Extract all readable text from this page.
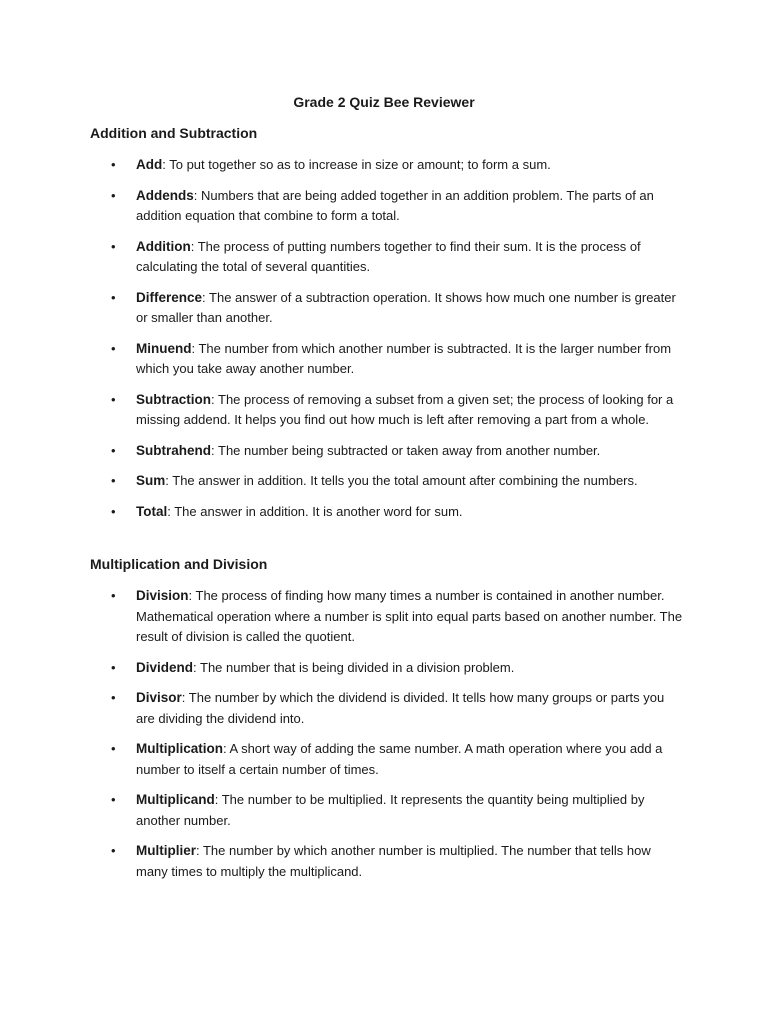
Grade 2 Quiz Bee Reviewer
Addition and Subtraction
• Add: To put together so as to increase in size or amount; to form a sum.
• Addends: Numbers that are being added together in an addition problem. The parts of an addition equation that combine to form a total.
• Addition: The process of putting numbers together to find their sum. It is the process of calculating the total of several quantities.
• Difference: The answer of a subtraction operation. It shows how much one number is greater or smaller than another.
• Minuend: The number from which another number is subtracted. It is the larger number from which you take away another number.
• Subtraction: The process of removing a subset from a given set; the process of looking for a missing addend. It helps you find out how much is left after removing a part from a whole.
• Subtrahend: The number being subtracted or taken away from another number.
• Sum: The answer in addition. It tells you the total amount after combining the numbers.
• Total: The answer in addition. It is another word for sum.
Multiplication and Division
• Division: The process of finding how many times a number is contained in another number. Mathematical operation where a number is split into equal parts based on another number. The result of division is called the quotient.
• Dividend: The number that is being divided in a division problem.
• Divisor: The number by which the dividend is divided. It tells how many groups or parts you are dividing the dividend into.
• Multiplication: A short way of adding the same number. A math operation where you add a number to itself a certain number of times.
• Multiplicand: The number to be multiplied. It represents the quantity being multiplied by another number.
• Multiplier: The number by which another number is multiplied. The number that tells how many times to multiply the multiplicand.
